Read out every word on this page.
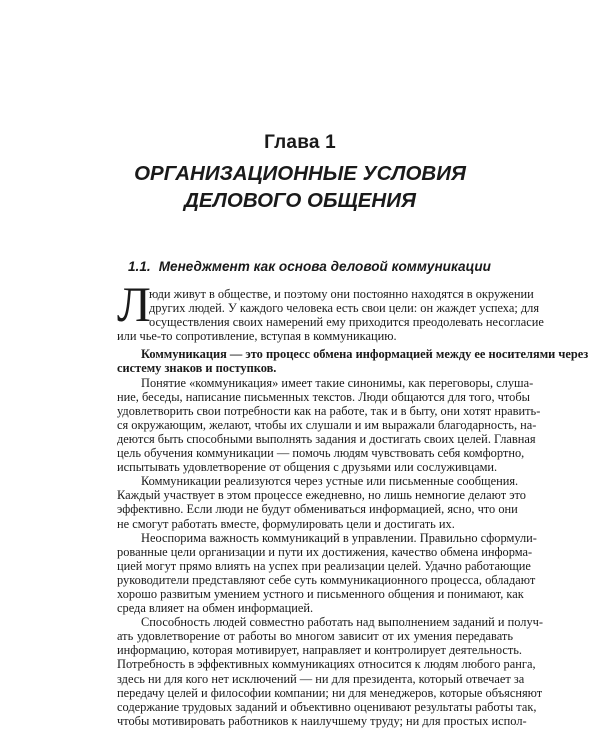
Глава 1
ОРГАНИЗАЦИОННЫЕ УСЛОВИЯ
ДЕЛОВОГО ОБЩЕНИЯ
1.1. Менеджмент как основа деловой коммуникации
Л
юди живут в обществе, и поэтому они постоянно находятся в окружении
других людей. У каждого человека есть свои цели: он жаждет успеха; для
осуществления своих намерений ему приходится преодолевать несогласие
или чье-то сопротивление, вступая в коммуникацию.
Коммуникация — это процесс обмена информацией между ее носителями через
систему знаков и поступков.
Понятие «коммуникация» имеет такие синонимы, как переговоры, слуша-
ние, беседы, написание письменных текстов. Люди общаются для того, чтобы
удовлетворить свои потребности как на работе, так и в быту, они хотят нравить-
ся окружающим, желают, чтобы их слушали и им выражали благодарность, на-
деются быть способными выполнять задания и достигать своих целей. Главная
цель обучения коммуникации — помочь людям чувствовать себя комфортно,
испытывать удовлетворение от общения с друзьями или сослуживцами.
Коммуникации реализуются через устные или письменные сообщения.
Каждый участвует в этом процессе ежедневно, но лишь немногие делают это
эффективно. Если люди не будут обмениваться информацией, ясно, что они
не смогут работать вместе, формулировать цели и достигать их.
Неоспорима важность коммуникаций в управлении. Правильно сформули-
рованные цели организации и пути их достижения, качество обмена информа-
цией могут прямо влиять на успех при реализации целей. Удачно работающие
руководители представляют себе суть коммуникационного процесса, обладают
хорошо развитым умением устного и письменного общения и понимают, как
среда влияет на обмен информацией.
Способность людей совместно работать над выполнением заданий и получ-
ать удовлетворение от работы во многом зависит от их умения передавать
информацию, которая мотивирует, направляет и контролирует деятельность.
Потребность в эффективных коммуникациях относится к людям любого ранга,
здесь ни для кого нет исключений — ни для президента, который отвечает за
передачу целей и философии компании; ни для менеджеров, которые объясняют
содержание трудовых заданий и объективно оценивают результаты работы так,
чтобы мотивировать работников к наилучшему труду; ни для простых испол-
